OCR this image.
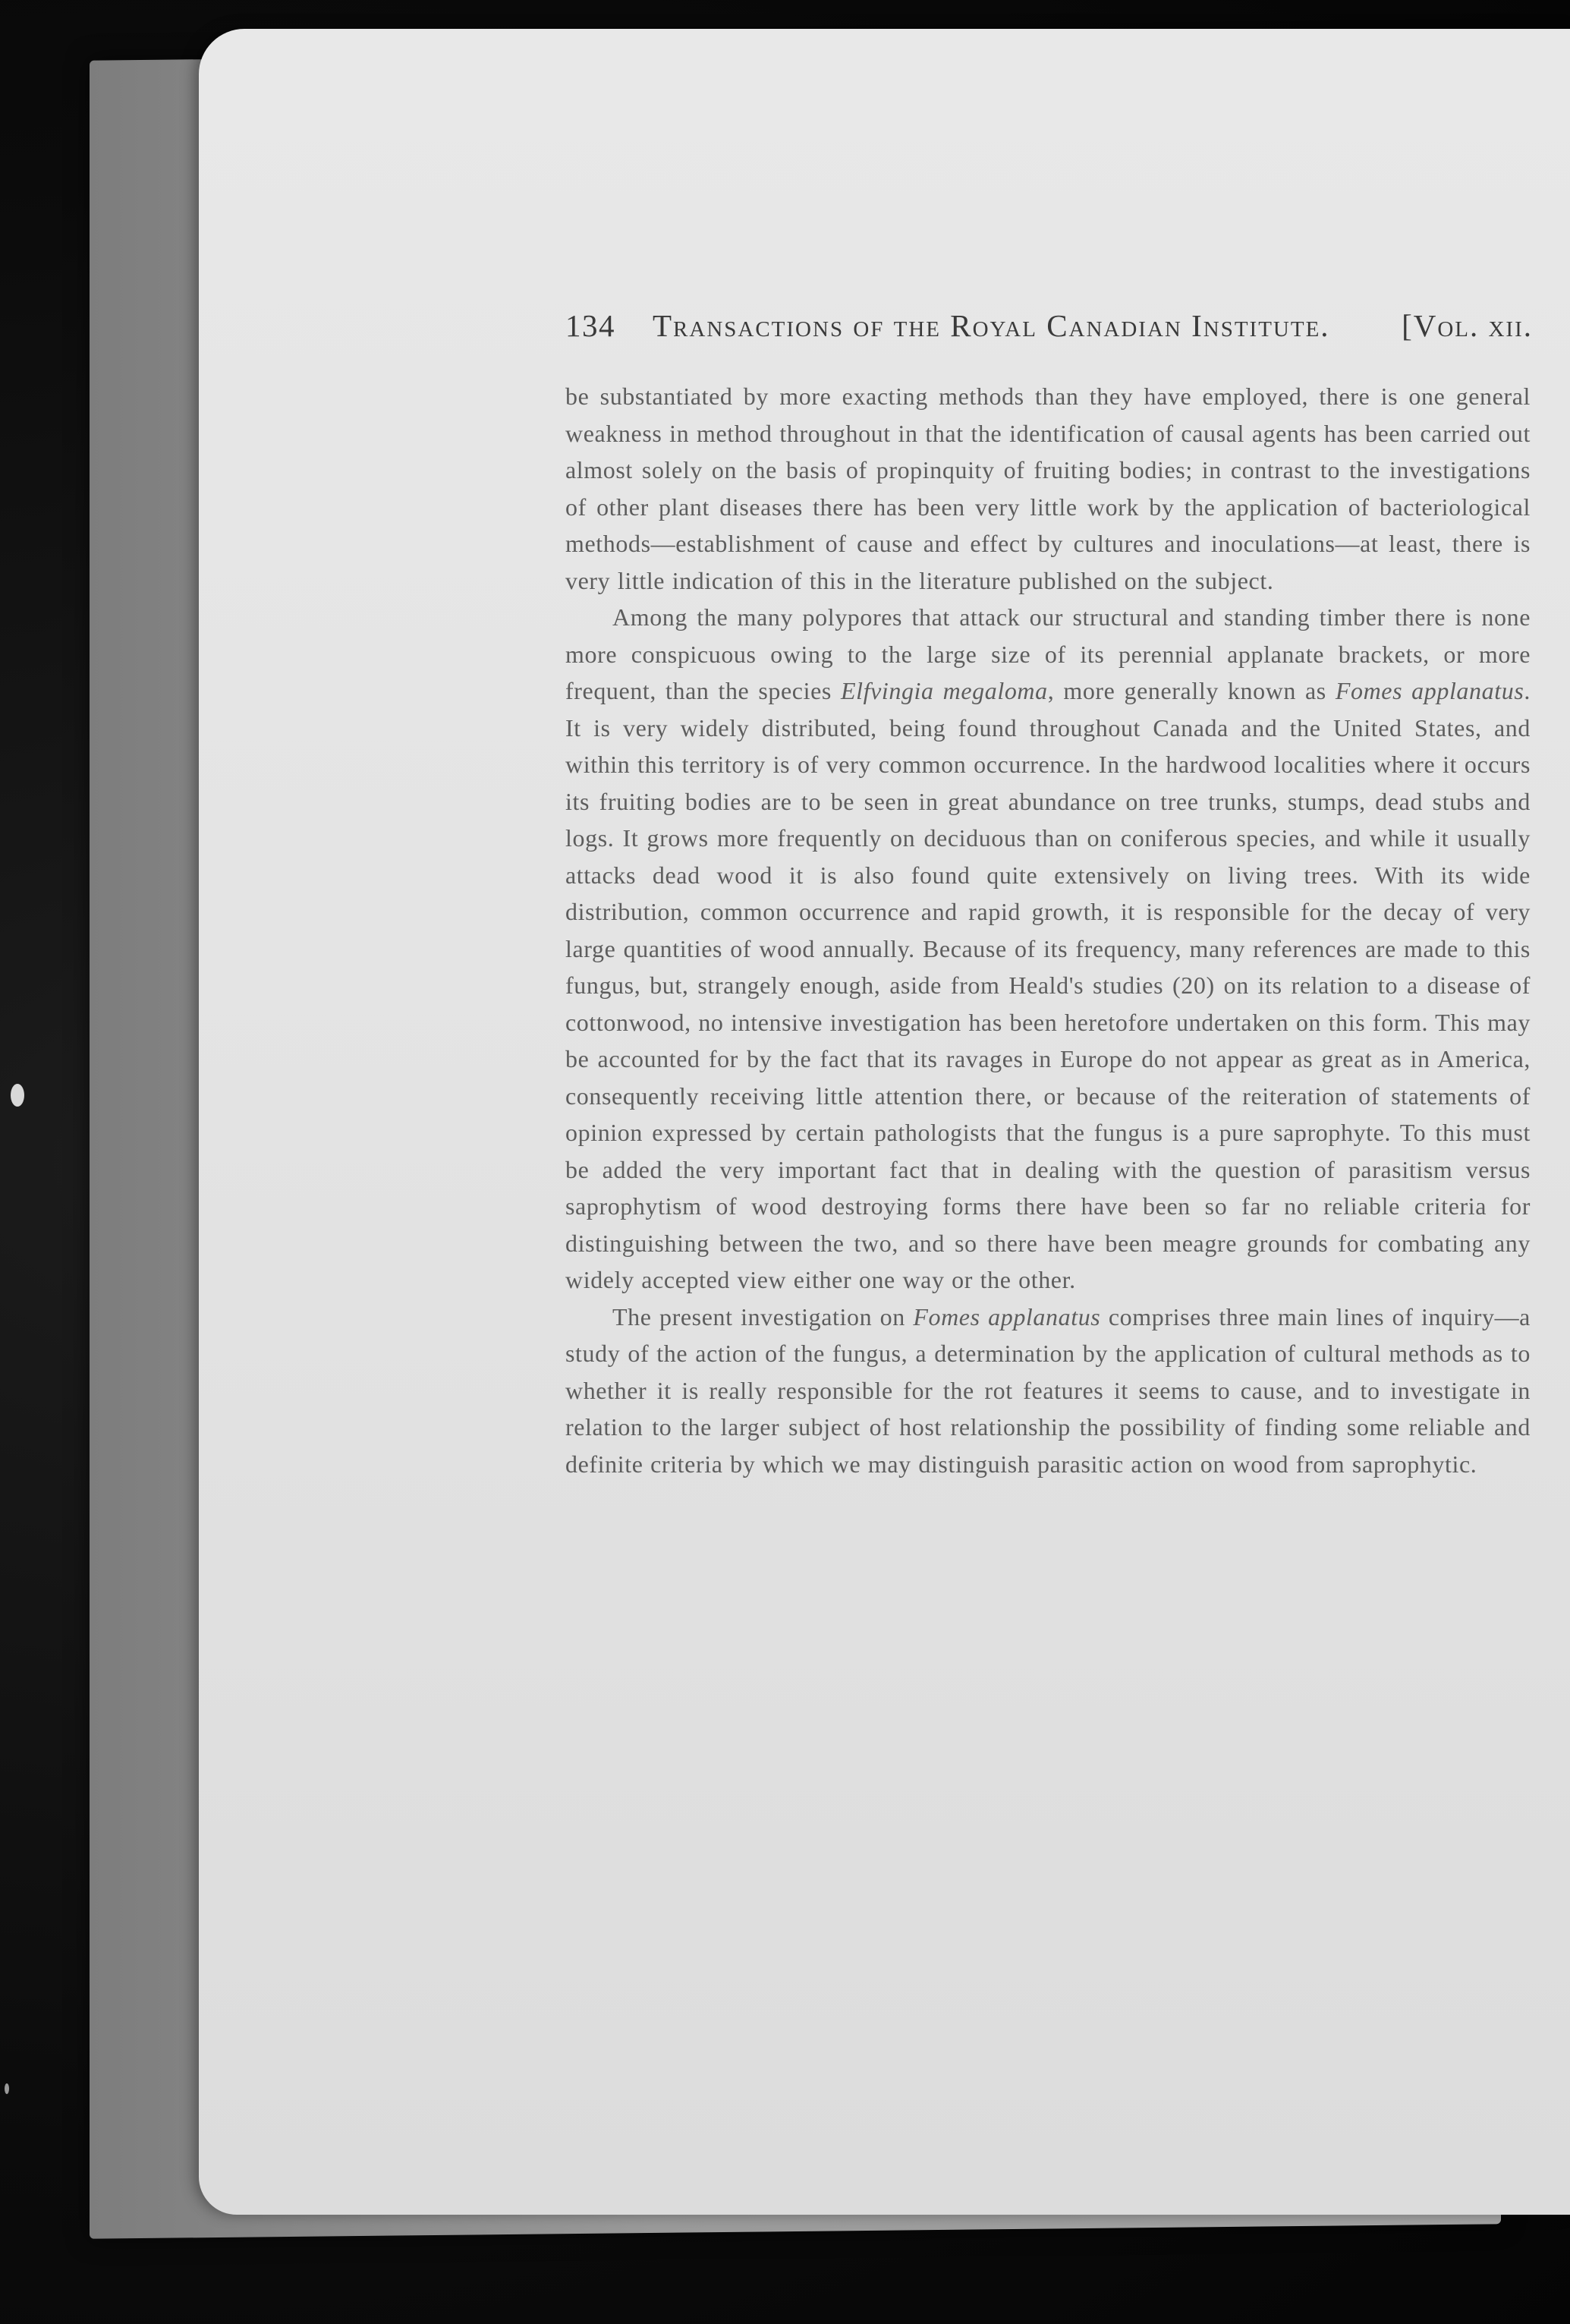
134 Transactions of the Royal Canadian Institute. [Vol. xii.

be substantiated by more exacting methods than they have employed, there is one general weakness in method throughout in that the identification of causal agents has been carried out almost solely on the basis of propinquity of fruiting bodies; in contrast to the investigations of other plant diseases there has been very little work by the application of bacteriological methods—establishment of cause and effect by cultures and inoculations—at least, there is very little indication of this in the literature published on the subject.

Among the many polypores that attack our structural and standing timber there is none more conspicuous owing to the large size of its perennial applanate brackets, or more frequent, than the species Elfvingia megaloma, more generally known as Fomes applanatus. It is very widely distributed, being found throughout Canada and the United States, and within this territory is of very common occurrence. In the hardwood localities where it occurs its fruiting bodies are to be seen in great abundance on tree trunks, stumps, dead stubs and logs. It grows more frequently on deciduous than on coniferous species, and while it usually attacks dead wood it is also found quite extensively on living trees. With its wide distribution, common occurrence and rapid growth, it is responsible for the decay of very large quantities of wood annually. Because of its frequency, many references are made to this fungus, but, strangely enough, aside from Heald's studies (20) on its relation to a disease of cottonwood, no intensive investigation has been heretofore undertaken on this form. This may be accounted for by the fact that its ravages in Europe do not appear as great as in America, consequently receiving little attention there, or because of the reiteration of statements of opinion expressed by certain pathologists that the fungus is a pure saprophyte. To this must be added the very important fact that in dealing with the question of parasitism versus saprophytism of wood destroying forms there have been so far no reliable criteria for distinguishing between the two, and so there have been meagre grounds for combating any widely accepted view either one way or the other.

The present investigation on Fomes applanatus comprises three main lines of inquiry—a study of the action of the fungus, a determination by the application of cultural methods as to whether it is really responsible for the rot features it seems to cause, and to investigate in relation to the larger subject of host relationship the possibility of finding some reliable and definite criteria by which we may distinguish parasitic action on wood from saprophytic.
